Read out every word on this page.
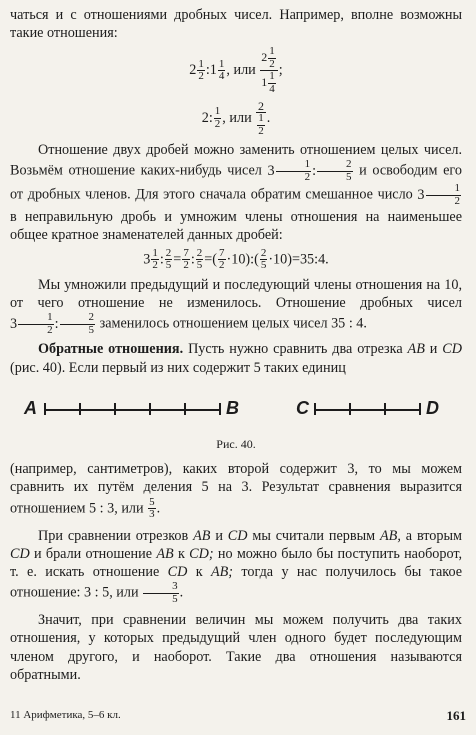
чаться и с отношениями дробных чисел. Например, вполне возможны такие отношения:

$2 \frac{1}{2}$ :1 $\frac{1}{4}$ , или $\frac{2 \frac{1}{2}}{1 \frac{1}{4}}$ ;
2: $\frac{1}{2}$ , или $\frac{2}{\frac{1}{2}}$ .

Отношение двух дробей можно заменить отношением целых чисел. Возьмём отношение каких-нибудь чисел $3 \frac{1}{2}$ : $\frac{2}{5}$ и освободим его от дробных членов. Для этого сначала обратим смешанное число $3 \frac{1}{2}$
в неправильную дробь и умножим члены отношения на наименьшее общее кратное знаменателей данных дробей:

$3 \frac{1}{2}$ : $\frac{2}{5} = \frac{7}{2}$ : $\frac{2}{5}$ =( $\frac{7}{2}$ ·10):( $\frac{2}{5}$ ·10)=35:4.

Мы умножили предыдущий и последующий члены отношения на 10, от чего отношение не изменилось. Отношение дробных чисел $3 \frac{1}{2}$ : $\frac{2}{5}$ заменилось отношением целых чисел 35 : 4.

Обратные отношения. Пусть нужно сравнить два отрезка AB и CD (рис. 40). Если первый из них содержит 5 таких единиц

A	B	C	D
Рис. 40.

(например, сантиметров), каких второй содержит 3, то мы можем сравнить их путём деления 5 на 3. Результат сравнения выразится отношением 5 : 3, или $\frac{5}{3}$ .

При сравнении отрезков AB и CD мы считали первым AB, а вторым CD и брали отношение AB к CD; но можно было бы поступить наоборот, т. е. искать отношение CD к AB; тогда у нас получилось бы такое отношение: 3 : 5, или $\frac{3}{5}$ .

Значит, при сравнении величин мы можем получить два таких отношения, у которых предыдущий член одного будет последующим членом другого, и наоборот. Такие два отношения называются обратными.

11 Арифметика, 5–6 кл.	161
